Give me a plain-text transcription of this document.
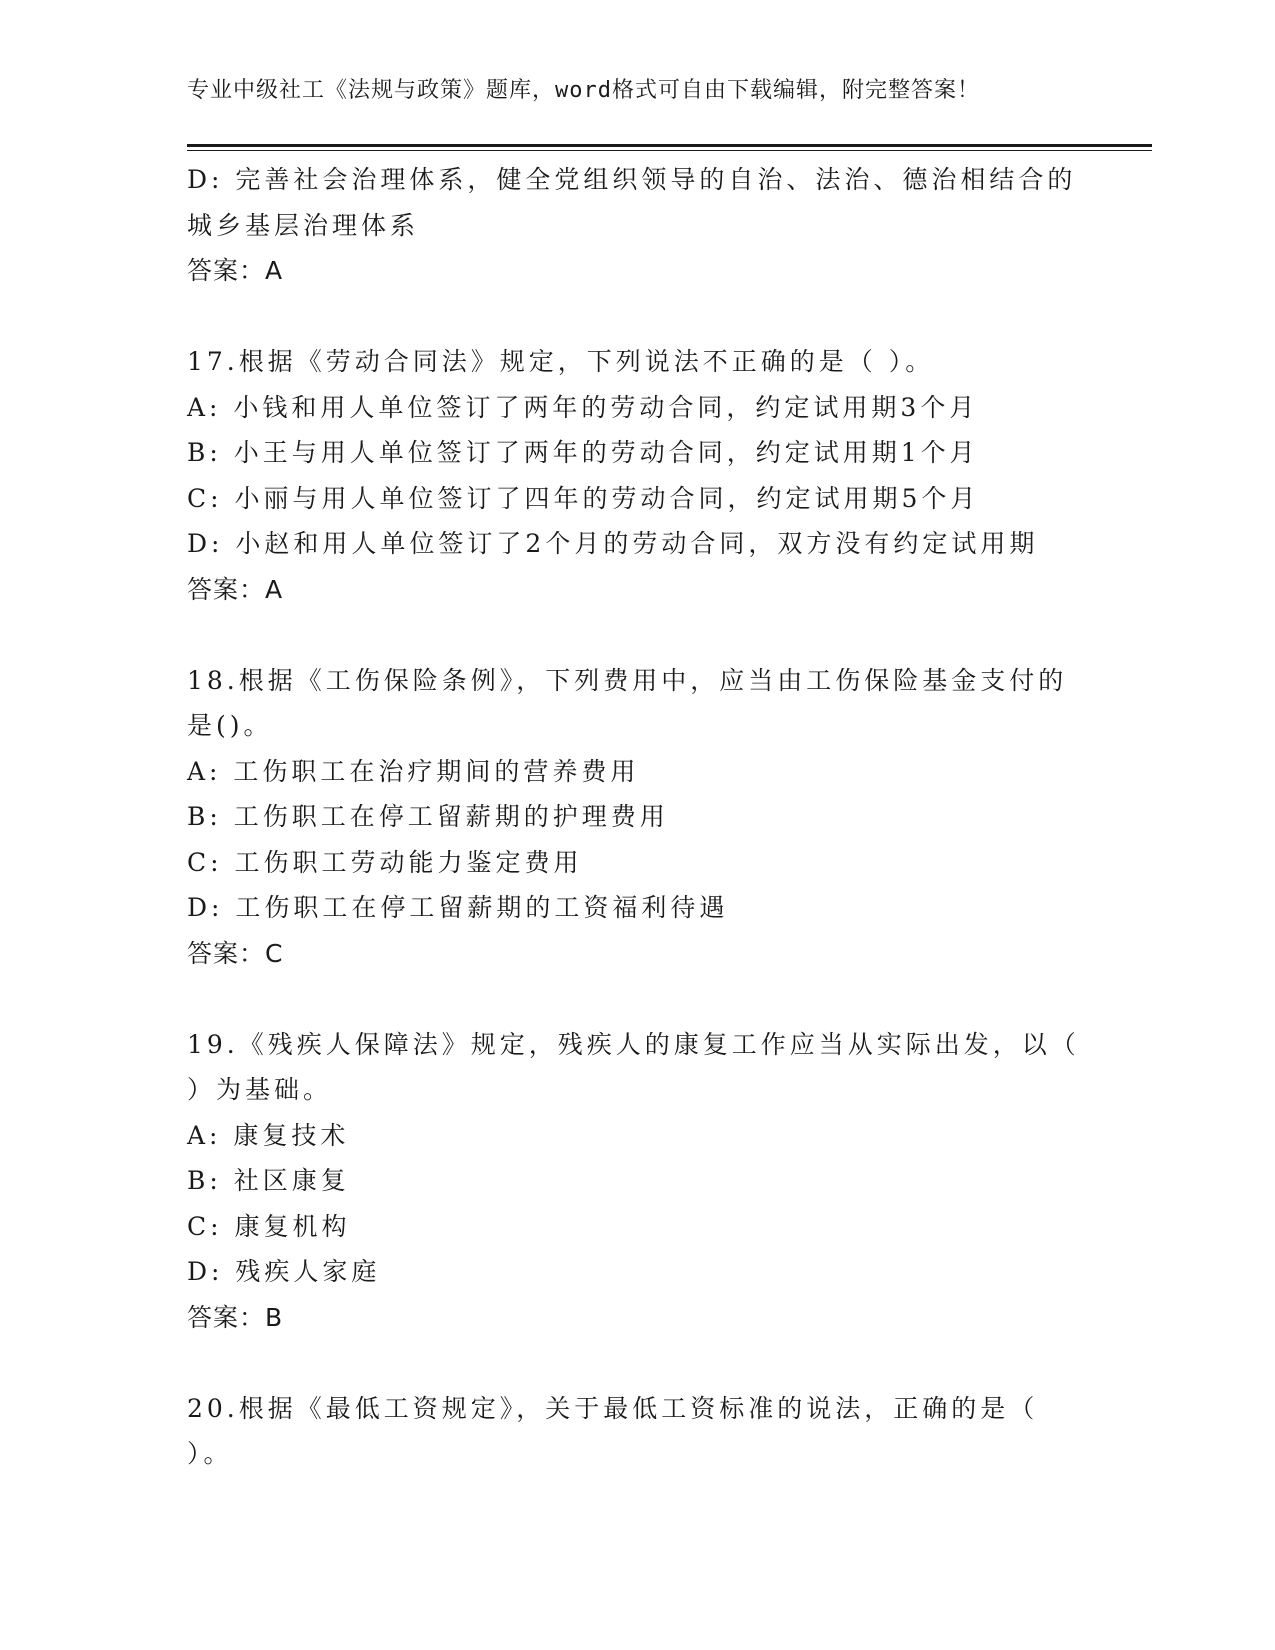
专业中级社工《法规与政策》题库，word格式可自由下载编辑，附完整答案！
D: 完善社会治理体系，健全党组织领导的自治、法治、德治相结合的
城乡基层治理体系
答案：A
17.根据《劳动合同法》规定，下列说法不正确的是（ ）。
A: 小钱和用人单位签订了两年的劳动合同，约定试用期3个月
B: 小王与用人单位签订了两年的劳动合同，约定试用期1个月
C: 小丽与用人单位签订了四年的劳动合同，约定试用期5个月
D: 小赵和用人单位签订了2个月的劳动合同，双方没有约定试用期
答案：A
18.根据《工伤保险条例》，下列费用中，应当由工伤保险基金支付的
是()。
A: 工伤职工在治疗期间的营养费用
B: 工伤职工在停工留薪期的护理费用
C: 工伤职工劳动能力鉴定费用
D: 工伤职工在停工留薪期的工资福利待遇
答案：C
19.《残疾人保障法》规定，残疾人的康复工作应当从实际出发，以（
）为基础。
A: 康复技术
B: 社区康复
C: 康复机构
D: 残疾人家庭
答案：B
20.根据《最低工资规定》，关于最低工资标准的说法，正确的是（
）。
